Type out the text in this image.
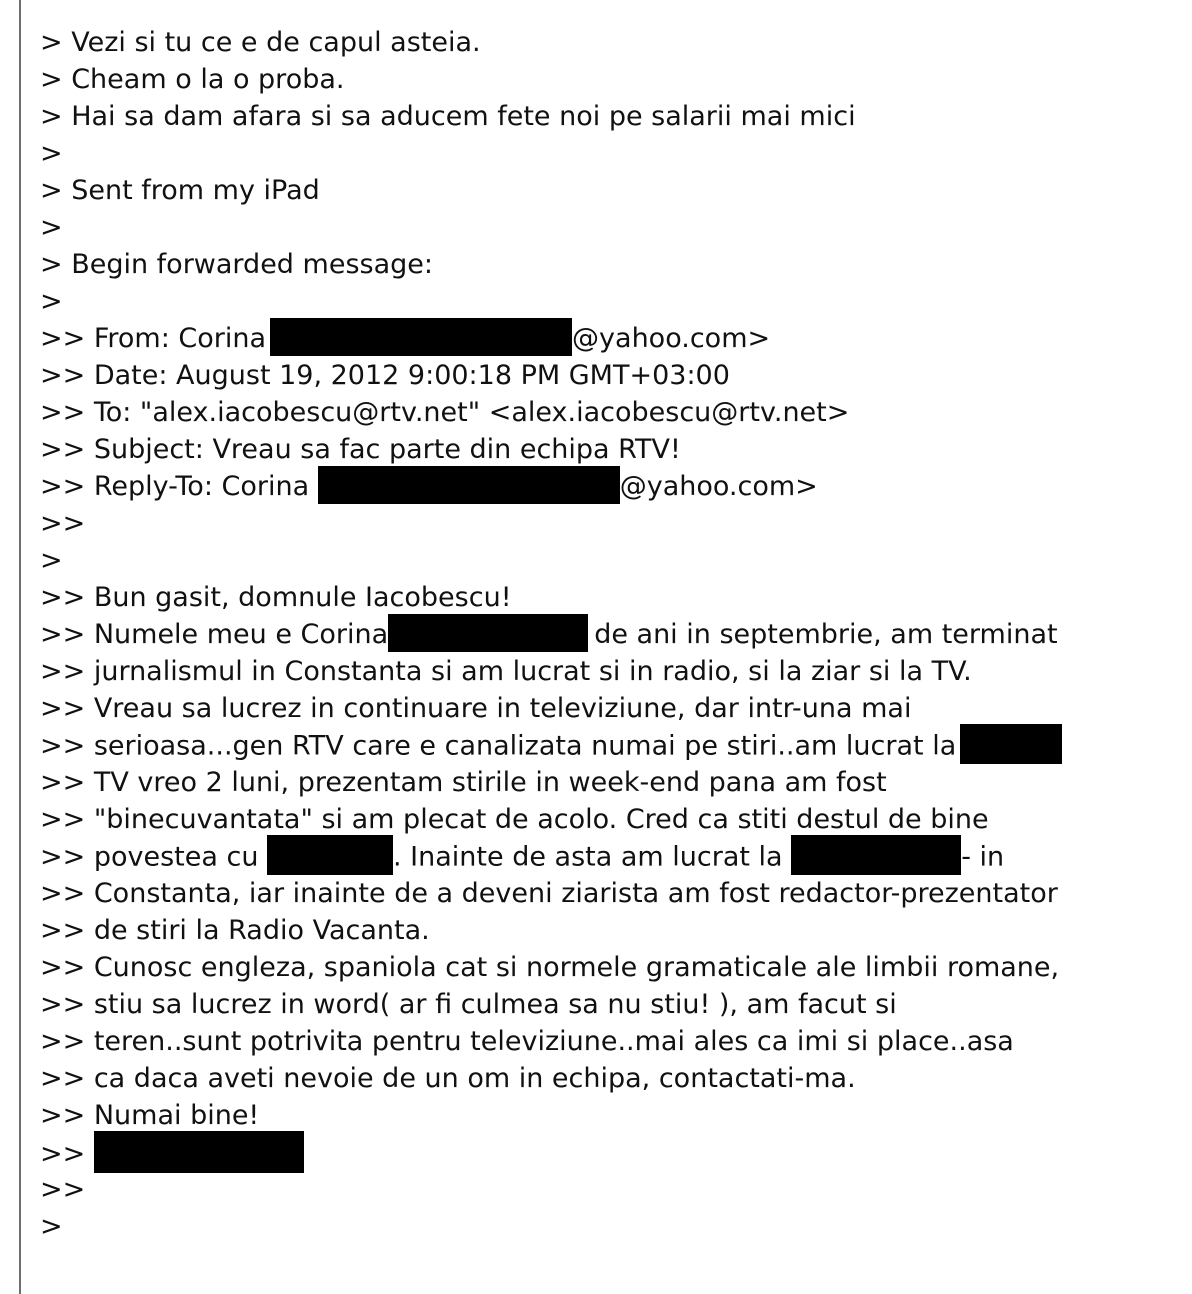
> Vezi si tu ce e de capul asteia.
> Cheam o la o proba.
> Hai sa dam afara si sa aducem fete noi pe salarii mai mici
>
> Sent from my iPad
>
> Begin forwarded message:
>
>> From: Corina	@yahoo.com>
>> Date: August 19, 2012 9:00:18 PM GMT+03:00
>> To: "alex.iacobescu@rtv.net" <alex.iacobescu@rtv.net>
>> Subject: Vreau sa fac parte din echipa RTV!
>> Reply-To: Corina	@yahoo.com>
>>
>
>> Bun gasit, domnule Iacobescu!
>> Numele meu e Corina	de ani in septembrie, am terminat
>> jurnalismul in Constanta si am lucrat si in radio, si la ziar si la TV.
>> Vreau sa lucrez in continuare in televiziune, dar intr-una mai
>> serioasa...gen RTV care e canalizata numai pe stiri..am lucrat la
>> TV vreo 2 luni, prezentam stirile in week-end pana am fost
>> "binecuvantata" si am plecat de acolo. Cred ca stiti destul de bine
>> povestea cu	. Inainte de asta am lucrat la	- in
>> Constanta, iar inainte de a deveni ziarista am fost redactor-prezentator
>> de stiri la Radio Vacanta.
>> Cunosc engleza, spaniola cat si normele gramaticale ale limbii romane,
>> stiu sa lucrez in word( ar fi culmea sa nu stiu! ), am facut si
>> teren..sunt potrivita pentru televiziune..mai ales ca imi si place..asa
>> ca daca aveti nevoie de un om in echipa, contactati-ma.
>> Numai bine!
>>
>>
>
